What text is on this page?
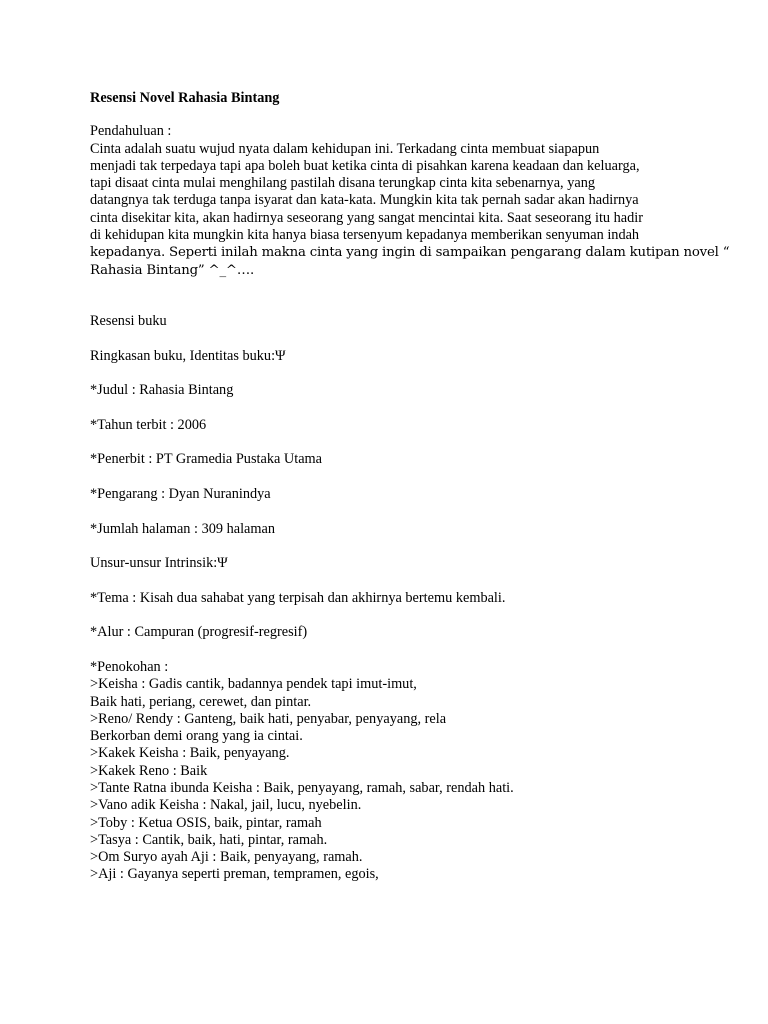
Resensi Novel Rahasia Bintang

Pendahuluan :

Cinta adalah suatu wujud nyata dalam kehidupan ini. Terkadang cinta membuat siapapun
menjadi tak terpedaya tapi apa boleh buat ketika cinta di pisahkan karena keadaan dan keluarga,
tapi disaat cinta mulai menghilang pastilah disana terungkap cinta kita sebenarnya, yang
datangnya tak terduga tanpa isyarat dan kata-kata. Mungkin kita tak pernah sadar akan hadirnya
cinta disekitar kita, akan hadirnya seseorang yang sangat mencintai kita. Saat seseorang itu hadir
di kehidupan kita mungkin kita hanya biasa tersenyum kepadanya memberikan senyuman indah
kepadanya. Seperti inilah makna cinta yang ingin di sampaikan pengarang dalam kutipan novel “
Rahasia Bintang” ^_^….

Resensi buku

Ringkasan buku, Identitas buku:Ψ

*Judul : Rahasia Bintang

*Tahun terbit : 2006

*Penerbit : PT Gramedia Pustaka Utama

*Pengarang : Dyan Nuranindya

*Jumlah halaman : 309 halaman

Unsur-unsur Intrinsik:Ψ

*Tema : Kisah dua sahabat yang terpisah dan akhirnya bertemu kembali.

*Alur : Campuran (progresif-regresif)

*Penokohan :
>Keisha : Gadis cantik, badannya pendek tapi imut-imut,
Baik hati, periang, cerewet, dan pintar.
>Reno/ Rendy : Ganteng, baik hati, penyabar, penyayang, rela
Berkorban demi orang yang ia cintai.
>Kakek Keisha : Baik, penyayang.
>Kakek Reno : Baik
>Tante Ratna ibunda Keisha : Baik, penyayang, ramah, sabar, rendah hati.
>Vano adik Keisha : Nakal, jail, lucu, nyebelin.
>Toby : Ketua OSIS, baik, pintar, ramah
>Tasya : Cantik, baik, hati, pintar, ramah.
>Om Suryo ayah Aji : Baik, penyayang, ramah.
>Aji : Gayanya seperti preman, tempramen, egois,
